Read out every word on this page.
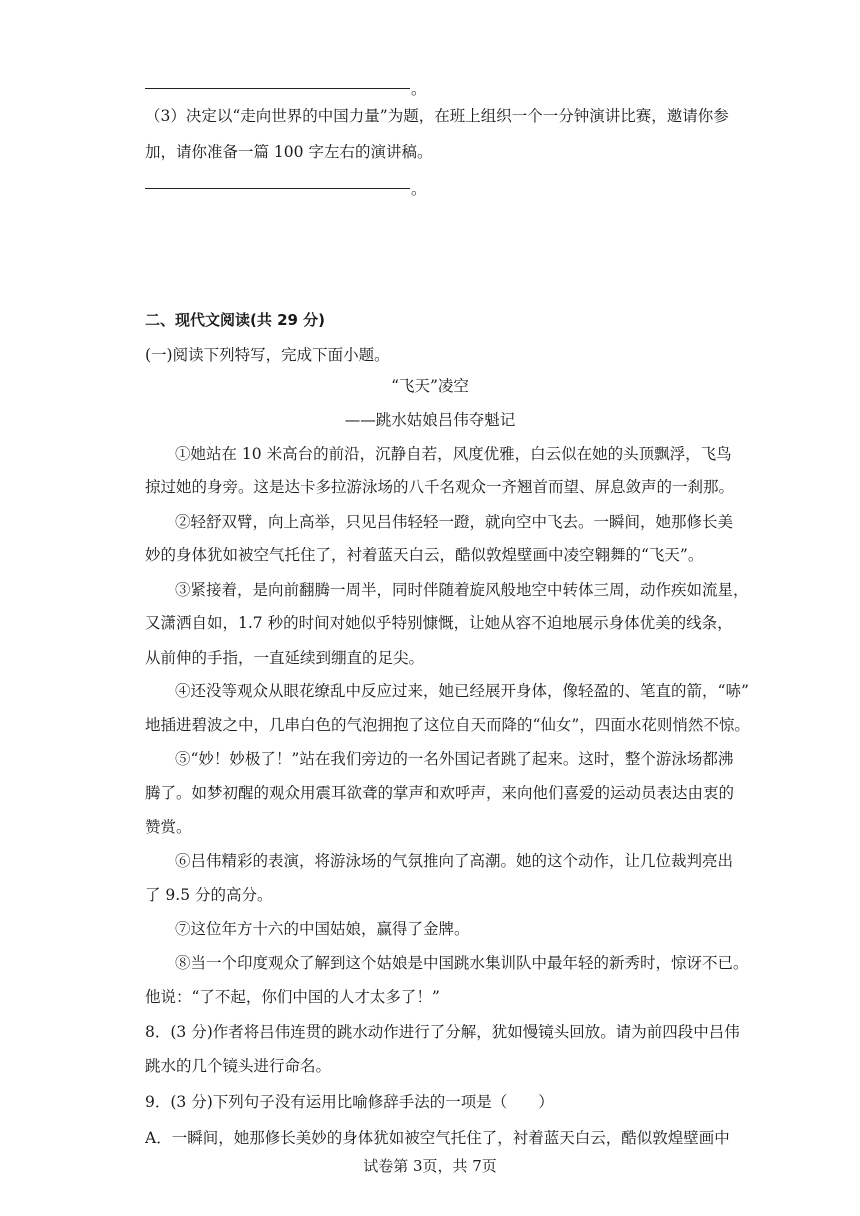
。
（3）决定以“走向世界的中国力量”为题，在班上组织一个一分钟演讲比赛，邀请你参
加，请你准备一篇 100 字左右的演讲稿。
。
二、现代文阅读(共 29 分)
(一)阅读下列特写，完成下面小题。
“飞天”凌空
——跳水姑娘吕伟夺魁记
①她站在 10 米高台的前沿，沉静自若，风度优雅，白云似在她的头顶飘浮，飞鸟
掠过她的身旁。这是达卡多拉游泳场的八千名观众一齐翘首而望、屏息敛声的一刹那。
②轻舒双臂，向上高举，只见吕伟轻轻一蹬，就向空中飞去。一瞬间，她那修长美
妙的身体犹如被空气托住了，衬着蓝天白云，酷似敦煌壁画中凌空翱舞的“飞天”。
③紧接着，是向前翻腾一周半，同时伴随着旋风般地空中转体三周，动作疾如流星，
又潇洒自如，1.7 秒的时间对她似乎特别慷慨，让她从容不迫地展示身体优美的线条，
从前伸的手指，一直延续到绷直的足尖。
④还没等观众从眼花缭乱中反应过来，她已经展开身体，像轻盈的、笔直的箭，“哧”
地插进碧波之中，几串白色的气泡拥抱了这位自天而降的“仙女”，四面水花则悄然不惊。
⑤“妙！妙极了！”站在我们旁边的一名外国记者跳了起来。这时，整个游泳场都沸
腾了。如梦初醒的观众用震耳欲聋的掌声和欢呼声，来向他们喜爱的运动员表达由衷的
赞赏。
⑥吕伟精彩的表演，将游泳场的气氛推向了高潮。她的这个动作，让几位裁判亮出
了 9.5 分的高分。
⑦这位年方十六的中国姑娘，赢得了金牌。
⑧当一个印度观众了解到这个姑娘是中国跳水集训队中最年轻的新秀时，惊讶不已。
他说：“了不起，你们中国的人才太多了！”
8．(3 分)作者将吕伟连贯的跳水动作进行了分解，犹如慢镜头回放。请为前四段中吕伟
跳水的几个镜头进行命名。
9．(3 分)下列句子没有运用比喻修辞手法的一项是（　　）
A．一瞬间，她那修长美妙的身体犹如被空气托住了，衬着蓝天白云，酷似敦煌壁画中
试卷第 3页，共 7页
